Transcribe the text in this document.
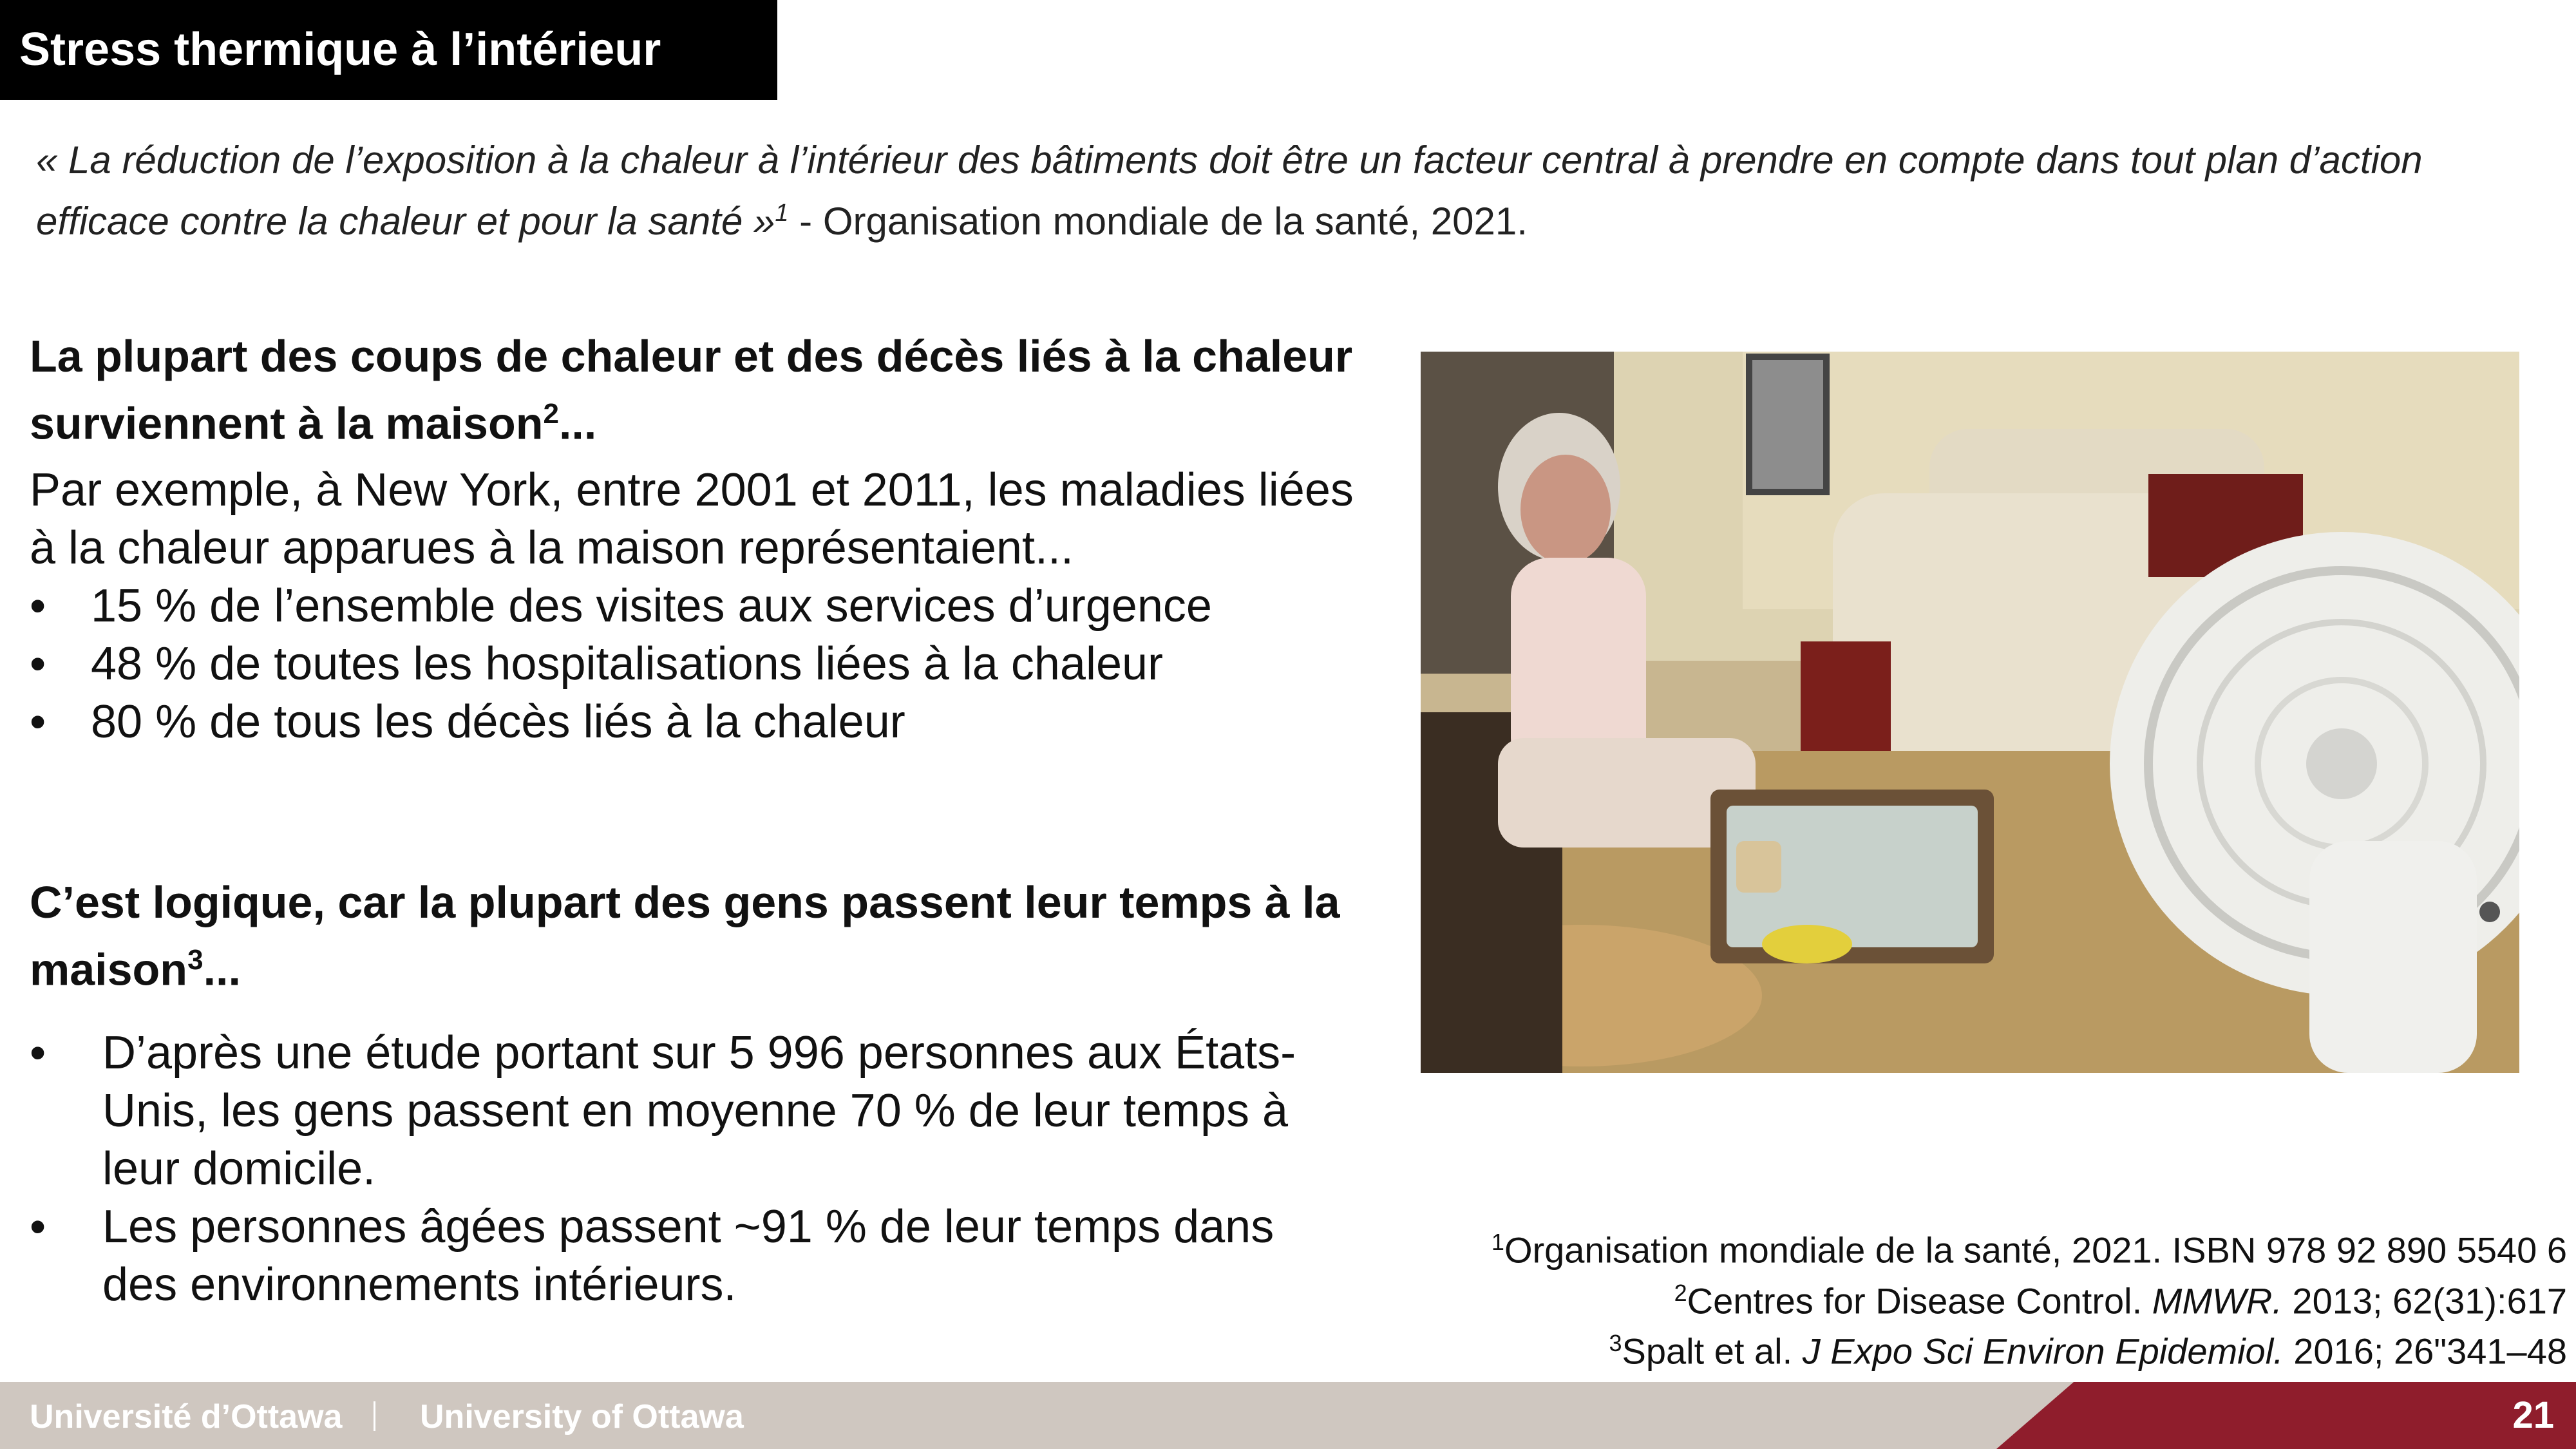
Stress thermique à l’intérieur
« La réduction de l’exposition à la chaleur à l’intérieur des bâtiments doit être un facteur central à prendre en compte dans tout plan d’action efficace contre la chaleur et pour la santé »$^1$ - Organisation mondiale de la santé, 2021.
La plupart des coups de chaleur et des décès liés à la chaleur surviennent à la maison$^2$...
Par exemple, à New York, entre 2001 et 2011, les maladies liées à la chaleur apparues à la maison représentaient...
• 15 % de l’ensemble des visites aux services d’urgence
• 48 % de toutes les hospitalisations liées à la chaleur
• 80 % de tous les décès liés à la chaleur
C’est logique, car la plupart des gens passent leur temps à la maison$^3$...
• D’après une étude portant sur 5 996 personnes aux États-Unis, les gens passent en moyenne 70 % de leur temps à leur domicile.
• Les personnes âgées passent ~91 % de leur temps dans des environnements intérieurs.
$^1$Organisation mondiale de la santé, 2021. ISBN 978 92 890 5540 6
$^2$Centres for Disease Control. MMWR. 2013; 62(31):617
$^3$Spalt et al. J Expo Sci Environ Epidemiol. 2016; 26"341–48
Université d’Ottawa University of Ottawa	21
